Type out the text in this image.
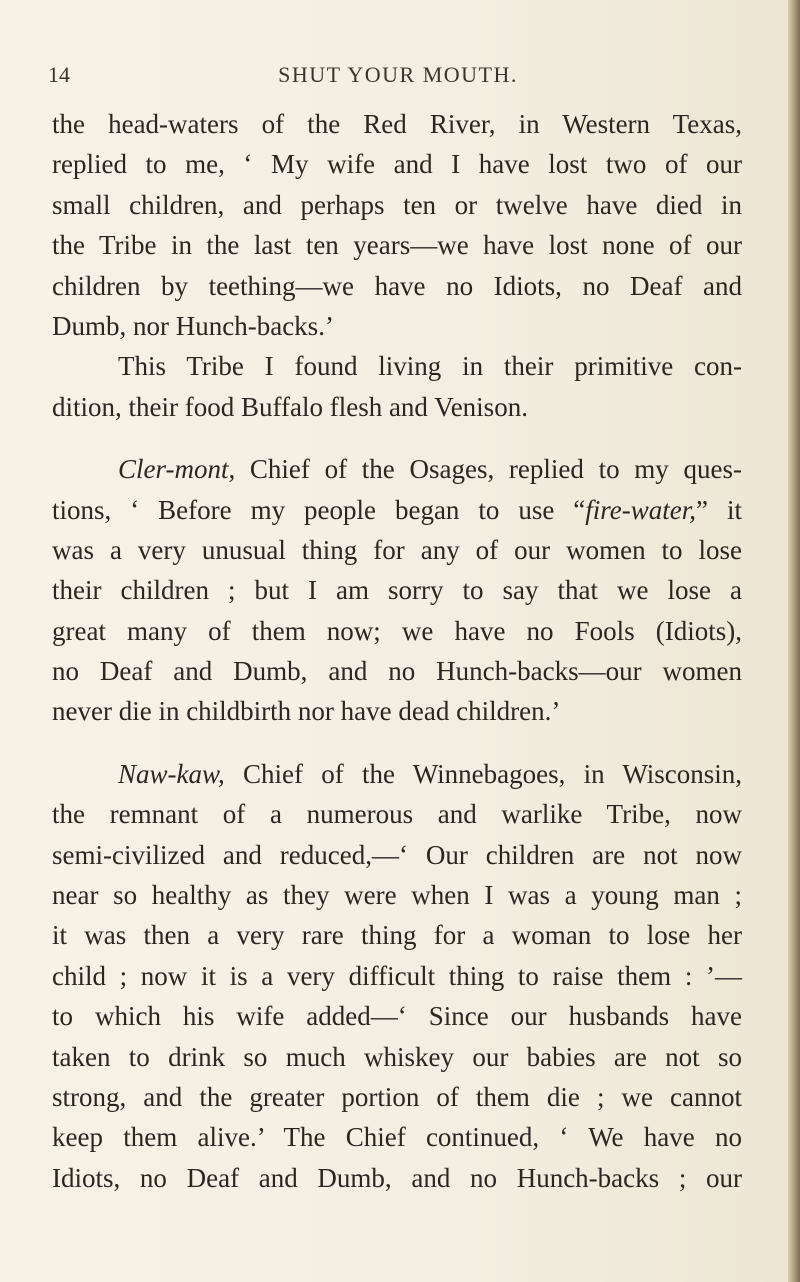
14	SHUT YOUR MOUTH.
the head-waters of the Red River, in Western Texas,
replied to me, ‘ My wife and I have lost two of our
small children, and perhaps ten or twelve have died in
the Tribe in the last ten years—we have lost none of our
children by teething—we have no Idiots, no Deaf and
Dumb, nor Hunch-backs.’
This Tribe I found living in their primitive con-
dition, their food Buffalo flesh and Venison.
Cler-mont, Chief of the Osages, replied to my ques-
tions, ‘ Before my people began to use “fire-water,” it
was a very unusual thing for any of our women to lose
their children ; but I am sorry to say that we lose a
great many of them now; we have no Fools (Idiots),
no Deaf and Dumb, and no Hunch-backs—our women
never die in childbirth nor have dead children.’
Naw-kaw, Chief of the Winnebagoes, in Wisconsin,
the remnant of a numerous and warlike Tribe, now
semi-civilized and reduced,—‘ Our children are not now
near so healthy as they were when I was a young man ;
it was then a very rare thing for a woman to lose her
child ; now it is a very difficult thing to raise them : ’—
to which his wife added—‘ Since our husbands have
taken to drink so much whiskey our babies are not so
strong, and the greater portion of them die ; we cannot
keep them alive.’ The Chief continued, ‘ We have no
Idiots, no Deaf and Dumb, and no Hunch-backs ; our
